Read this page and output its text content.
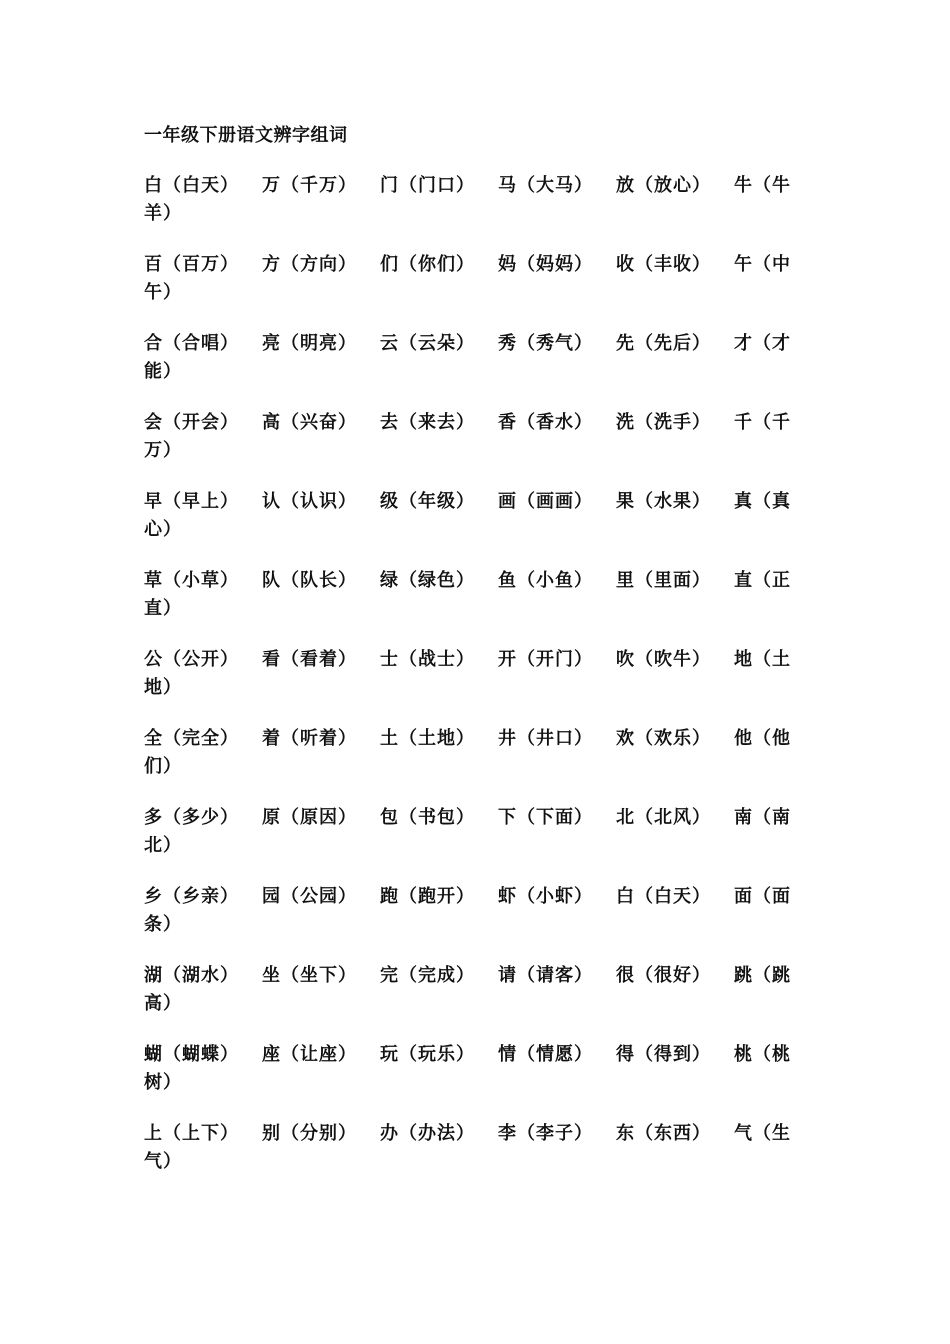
一年级下册语文辨字组词
白（白天） 万（千万） 门（门口） 马（大马） 放（放心） 牛（牛羊）
百（百万） 方（方向） 们（你们） 妈（妈妈） 收（丰收） 午（中午）
合（合唱） 亮（明亮） 云（云朵） 秀（秀气） 先（先后） 才（才能）
会（开会） 高（兴奋） 去（来去） 香（香水） 洗（洗手） 千（千万）
早（早上） 认（认识） 级（年级） 画（画画） 果（水果） 真（真心）
草（小草） 队（队长） 绿（绿色） 鱼（小鱼） 里（里面） 直（正直）
公（公开） 看（看着） 士（战士） 开（开门） 吹（吹牛） 地（土地）
全（完全） 着（听着） 土（土地） 井（井口） 欢（欢乐） 他（他们）
多（多少） 原（原因） 包（书包） 下（下面） 北（北风） 南（南北）
乡（乡亲） 园（公园） 跑（跑开） 虾（小虾） 白（白天） 面（面条）
湖（湖水） 坐（坐下） 完（完成） 请（请客） 很（很好） 跳（跳高）
蝴（蝴蝶） 座（让座） 玩（玩乐） 情（情愿） 得（得到） 桃（桃树）
上（上下） 别（分别） 办（办法） 李（李子） 东（东西） 气（生气）
